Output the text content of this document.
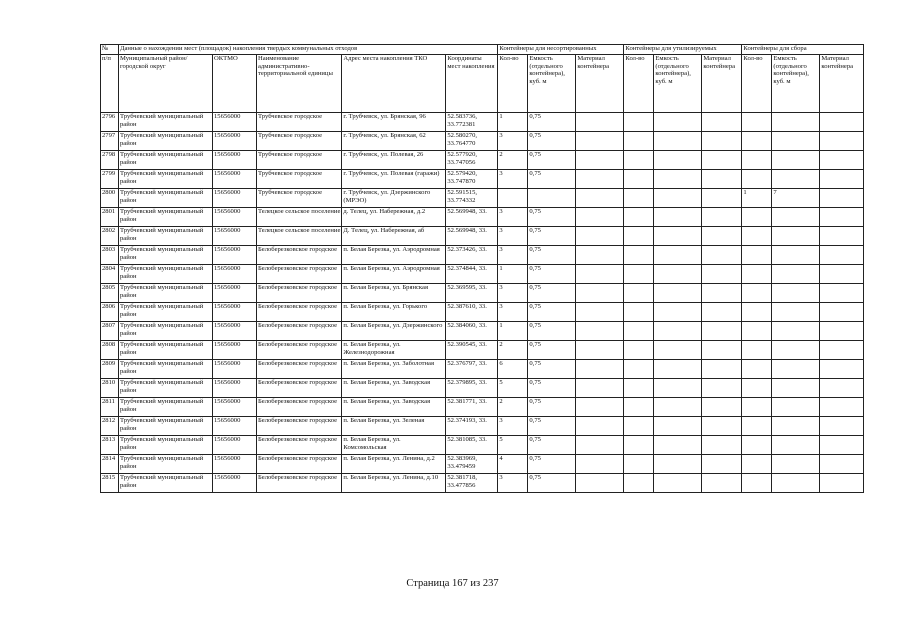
№	Данные о нахождении мест (площадок) накопления твердых коммунальных отходов					Контейнеры для несортированных			Контейнеры для утилизируемых			Контейнеры для сбора		
п/п	Муниципальный район/городской округ	ОКТМО	Наименование административно-территориальной единицы	Адрес места накопления ТКО	Координаты мест накопления	Кол-во	Емкость (отдельного контейнера), куб. м	Материал контейнера	Кол-во	Емкость (отдельного контейнера), куб. м	Материал контейнера	Кол-во	Емкость (отдельного контейнера), куб. м	Материал контейнера
2796	Трубчевский муниципальный район	15656000	Трубчевское городское	г. Трубчевск, ул. Брянская, 96	52.583736, 33.772381	1	0,75							
2797	Трубчевский муниципальный район	15656000	Трубчевское городское	г. Трубчевск, ул. Брянская, 62	52.580270, 33.764770	3	0,75							
2798	Трубчевский муниципальный район	15656000	Трубчевское городское	г. Трубчевск, ул. Полевая, 26	52.577920, 33.747056	2	0,75							
2799	Трубчевский муниципальный район	15656000	Трубчевское городское	г. Трубчевск, ул. Полевая (гаражи)	52.579420, 33.747870	3	0,75							
2800	Трубчевский муниципальный район	15656000	Трубчевское городское	г. Трубчевск, ул. Дзержинского (МРЭО)	52.591515, 33.774332							1	7	
2801	Трубчевский муниципальный район	15656000	Телецкое сельское поселение	д. Телец, ул. Набережная, д.2	52.569948, 33.	3	0,75							
2802	Трубчевский муниципальный район	15656000	Телецкое сельское поселение	Д. Телец, ул. Набережная, аб	52.569948, 33.	3	0,75							
2803	Трубчевский муниципальный район	15656000	Белоберезковское городское	п. Белая Березка, ул. Аэродромная	52.373426, 33.	3	0,75							
2804	Трубчевский муниципальный район	15656000	Белоберезковское городское	п. Белая Березка, ул. Аэродромная	52.374844, 33.	1	0,75							
2805	Трубчевский муниципальный район	15656000	Белоберезковское городское	п. Белая Березка, ул. Брянская	52.369595, 33.	3	0,75							
2806	Трубчевский муниципальный район	15656000	Белоберезковское городское	п. Белая Березка, ул. Горького	52.387610, 33.	3	0,75							
2807	Трубчевский муниципальный район	15656000	Белоберезковское городское	п. Белая Березка, ул. Дзержинского	52.384060, 33.	1	0,75							
2808	Трубчевский муниципальный район	15656000	Белоберезковское городское	п. Белая Березка, ул. Железнодорожная	52.390545, 33.	2	0,75							
2809	Трубчевский муниципальный район	15656000	Белоберезковское городское	п. Белая Березка, ул. Заболотная	52.376797, 33.	6	0,75							
2810	Трубчевский муниципальный район	15656000	Белоберезковское городское	п. Белая Березка, ул. Заводская	52.379895, 33.	5	0,75							
2811	Трубчевский муниципальный район	15656000	Белоберезковское городское	п. Белая Березка, ул. Заводская	52.381771, 33.	2	0,75							
2812	Трубчевский муниципальный район	15656000	Белоберезковское городское	п. Белая Березка, ул. Зеленая	52.374193, 33.	3	0,75							
2813	Трубчевский муниципальный район	15656000	Белоберезковское городское	п. Белая Березка, ул. Комсомольская	52.381085, 33.	5	0,75							
2814	Трубчевский муниципальный район	15656000	Белоберезковское городское	п. Белая Березка, ул. Ленина, д.2	52.383969, 33.479459	4	0,75							
2815	Трубчевский муниципальный район	15656000	Белоберезковское городское	п. Белая Березка, ул. Ленина, д.10	52.381718, 33.477856	3	0,75							
Страница 167 из 237
